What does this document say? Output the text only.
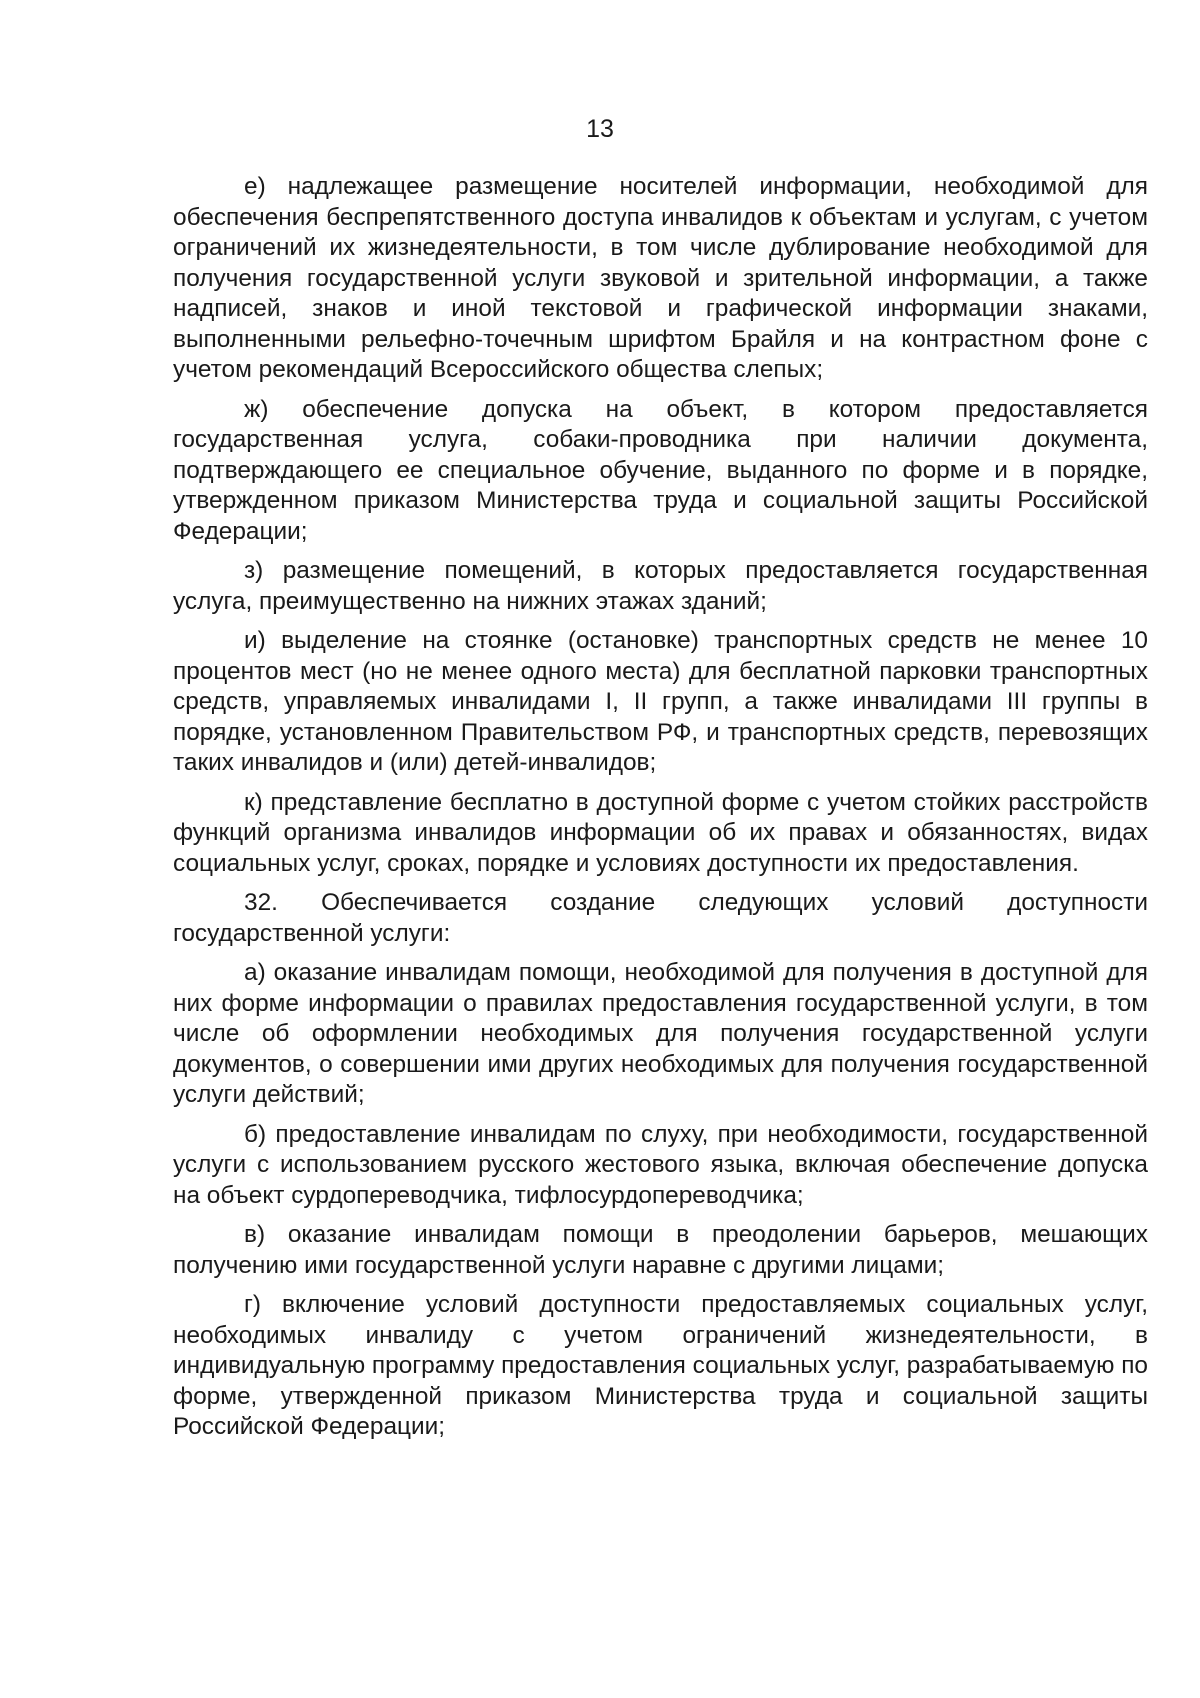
13

е) надлежащее размещение носителей информации, необходимой для обеспечения беспрепятственного доступа инвалидов к объектам и услугам, с учетом ограничений их жизнедеятельности, в том числе дублирование необходимой для получения государственной услуги звуковой и зрительной информации, а также надписей, знаков и иной текстовой и графической информации знаками, выполненными рельефно-точечным шрифтом Брайля и на контрастном фоне с учетом рекомендаций Всероссийского общества слепых;

ж) обеспечение допуска на объект, в котором предоставляется государственная услуга, собаки-проводника при наличии документа, подтверждающего ее специальное обучение, выданного по форме и в порядке, утвержденном приказом Министерства труда и социальной защиты Российской Федерации;

з) размещение помещений, в которых предоставляется государственная услуга, преимущественно на нижних этажах зданий;

и) выделение на стоянке (остановке) транспортных средств не менее 10 процентов мест (но не менее одного места) для бесплатной парковки транспортных средств, управляемых инвалидами I, II групп, а также инвалидами III группы в порядке, установленном Правительством РФ, и транспортных средств, перевозящих таких инвалидов и (или) детей-инвалидов;

к) представление бесплатно в доступной форме с учетом стойких расстройств функций организма инвалидов информации об их правах и обязанностях, видах социальных услуг, сроках, порядке и условиях доступности их предоставления.

32. Обеспечивается создание следующих условий доступности государственной услуги:

а) оказание инвалидам помощи, необходимой для получения в доступной для них форме информации о правилах предоставления государственной услуги, в том числе об оформлении необходимых для получения государственной услуги документов, о совершении ими других необходимых для получения государственной услуги действий;

б) предоставление инвалидам по слуху, при необходимости, государственной услуги с использованием русского жестового языка, включая обеспечение допуска на объект сурдопереводчика, тифлосурдопереводчика;

в) оказание инвалидам помощи в преодолении барьеров, мешающих получению ими государственной услуги наравне с другими лицами;

г) включение условий доступности предоставляемых социальных услуг, необходимых инвалиду с учетом ограничений жизнедеятельности, в индивидуальную программу предоставления социальных услуг, разрабатываемую по форме, утвержденной приказом Министерства труда и социальной защиты Российской Федерации;
